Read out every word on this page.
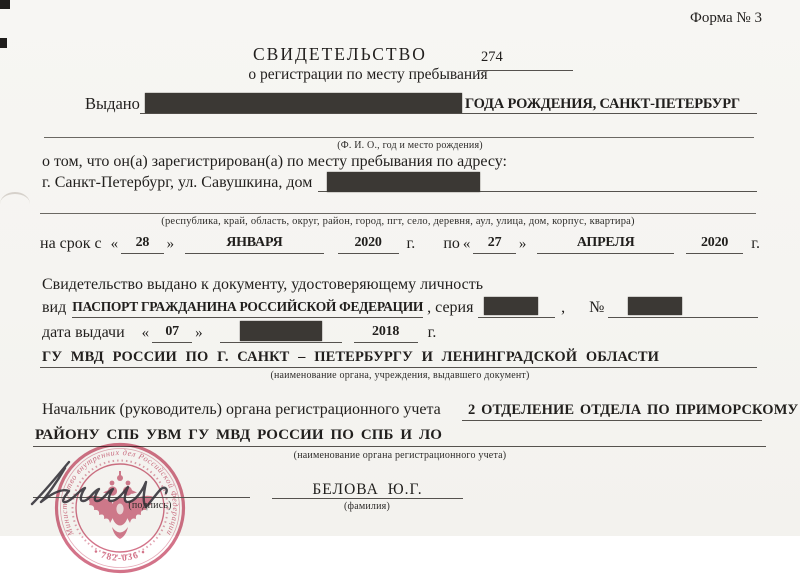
Форма № 3
СВИДЕТЕЛЬСТВО	274
о регистрации по месту пребывания
Выдано	ГОДА РОЖДЕНИЯ, САНКТ-ПЕТЕРБУРГ
(Ф. И. О., год и место рождения)
о том, что он(а) зарегистрирован(а) по месту пребывания по адресу:
г. Санкт-Петербург, ул. Савушкина, дом
(республика, край, область, округ, район, город, пгт, село, деревня, аул, улица, дом, корпус, квартира)
на срок с «	28	»	ЯНВАРЯ	2020	г. по «	27	»	АПРЕЛЯ	2020	г.
Свидетельство выдано к документу, удостоверяющему личность
вид ПАСПОРТ ГРАЖДАНИНА РОССИЙСКОЙ ФЕДЕРАЦИИ , серия	, №
дата выдачи «	07	»	2018	г.
ГУ МВД РОССИИ ПО Г. САНКТ – ПЕТЕРБУРГУ И ЛЕНИНГРАДСКОЙ ОБЛАСТИ
(наименование органа, учреждения, выдавшего документ)
Начальник (руководитель) органа регистрационного учета 2 ОТДЕЛЕНИЕ ОТДЕЛА ПО ПРИМОРСКОМУ
РАЙОНУ СПБ УВМ ГУ МВД РОССИИ ПО СПБ И ЛО
(наименование органа регистрационного учета)
Министерство внутренних дел Российской Федерации
• 782-036 •
(подпись)
БЕЛОВА Ю.Г.
(фамилия)
